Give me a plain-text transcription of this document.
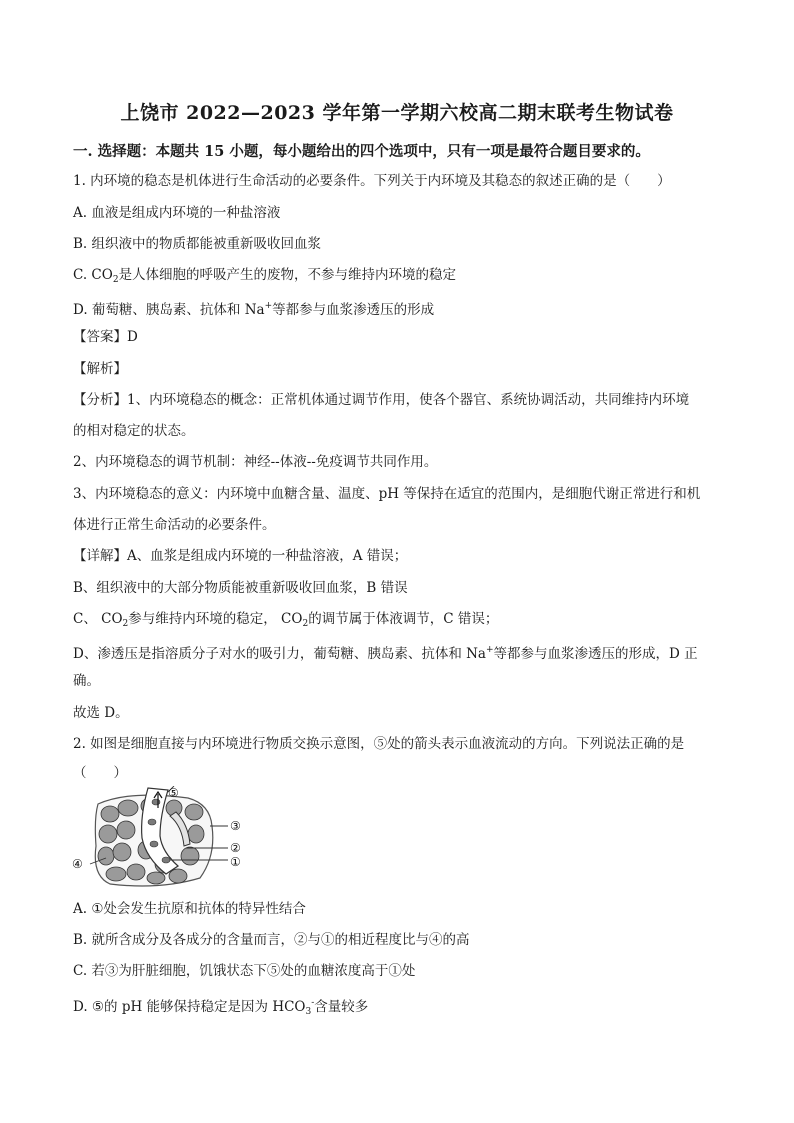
上饶市 2022—2023 学年第一学期六校高二期末联考生物试卷
一. 选择题：本题共 15 小题，每小题给出的四个选项中，只有一项是最符合题目要求的。
1. 内环境的稳态是机体进行生命活动的必要条件。下列关于内环境及其稳态的叙述正确的是（　　）
A. 血液是组成内环境的一种盐溶液
B. 组织液中的物质都能被重新吸收回血浆
C. $CO_2$是人体细胞的呼吸产生的废物，不参与维持内环境的稳定
D. 葡萄糖、胰岛素、抗体和 Na+等都参与血浆渗透压的形成
【答案】D
【解析】
【分析】1、内环境稳态的概念：正常机体通过调节作用，使各个器官、系统协调活动，共同维持内环境
的相对稳定的状态。
2、内环境稳态的调节机制：神经--体液--免疫调节共同作用。
3、内环境稳态的意义：内环境中血糖含量、温度、pH 等保持在适宜的范围内，是细胞代谢正常进行和机
体进行正常生命活动的必要条件。
【详解】A、血浆是组成内环境的一种盐溶液，A 错误；
B、组织液中的大部分物质能被重新吸收回血浆，B 错误
C、 $CO_2$参与维持内环境的稳定， $CO_2$的调节属于体液调节，C 错误；
D、渗透压是指溶质分子对水的吸引力，葡萄糖、胰岛素、抗体和 Na+等都参与血浆渗透压的形成，D 正
确。
故选 D。
2. 如图是细胞直接与内环境进行物质交换示意图，⑤处的箭头表示血液流动的方向。下列说法正确的是
（　　）
③
②
①
④
⑤
A. ①处会发生抗原和抗体的特异性结合
B. 就所含成分及各成分的含量而言，②与①的相近程度比与④的高
C. 若③为肝脏细胞，饥饿状态下⑤处的血糖浓度高于①处
D. ⑤的 pH 能够保持稳定是因为 $HCO_3^-$含量较多
